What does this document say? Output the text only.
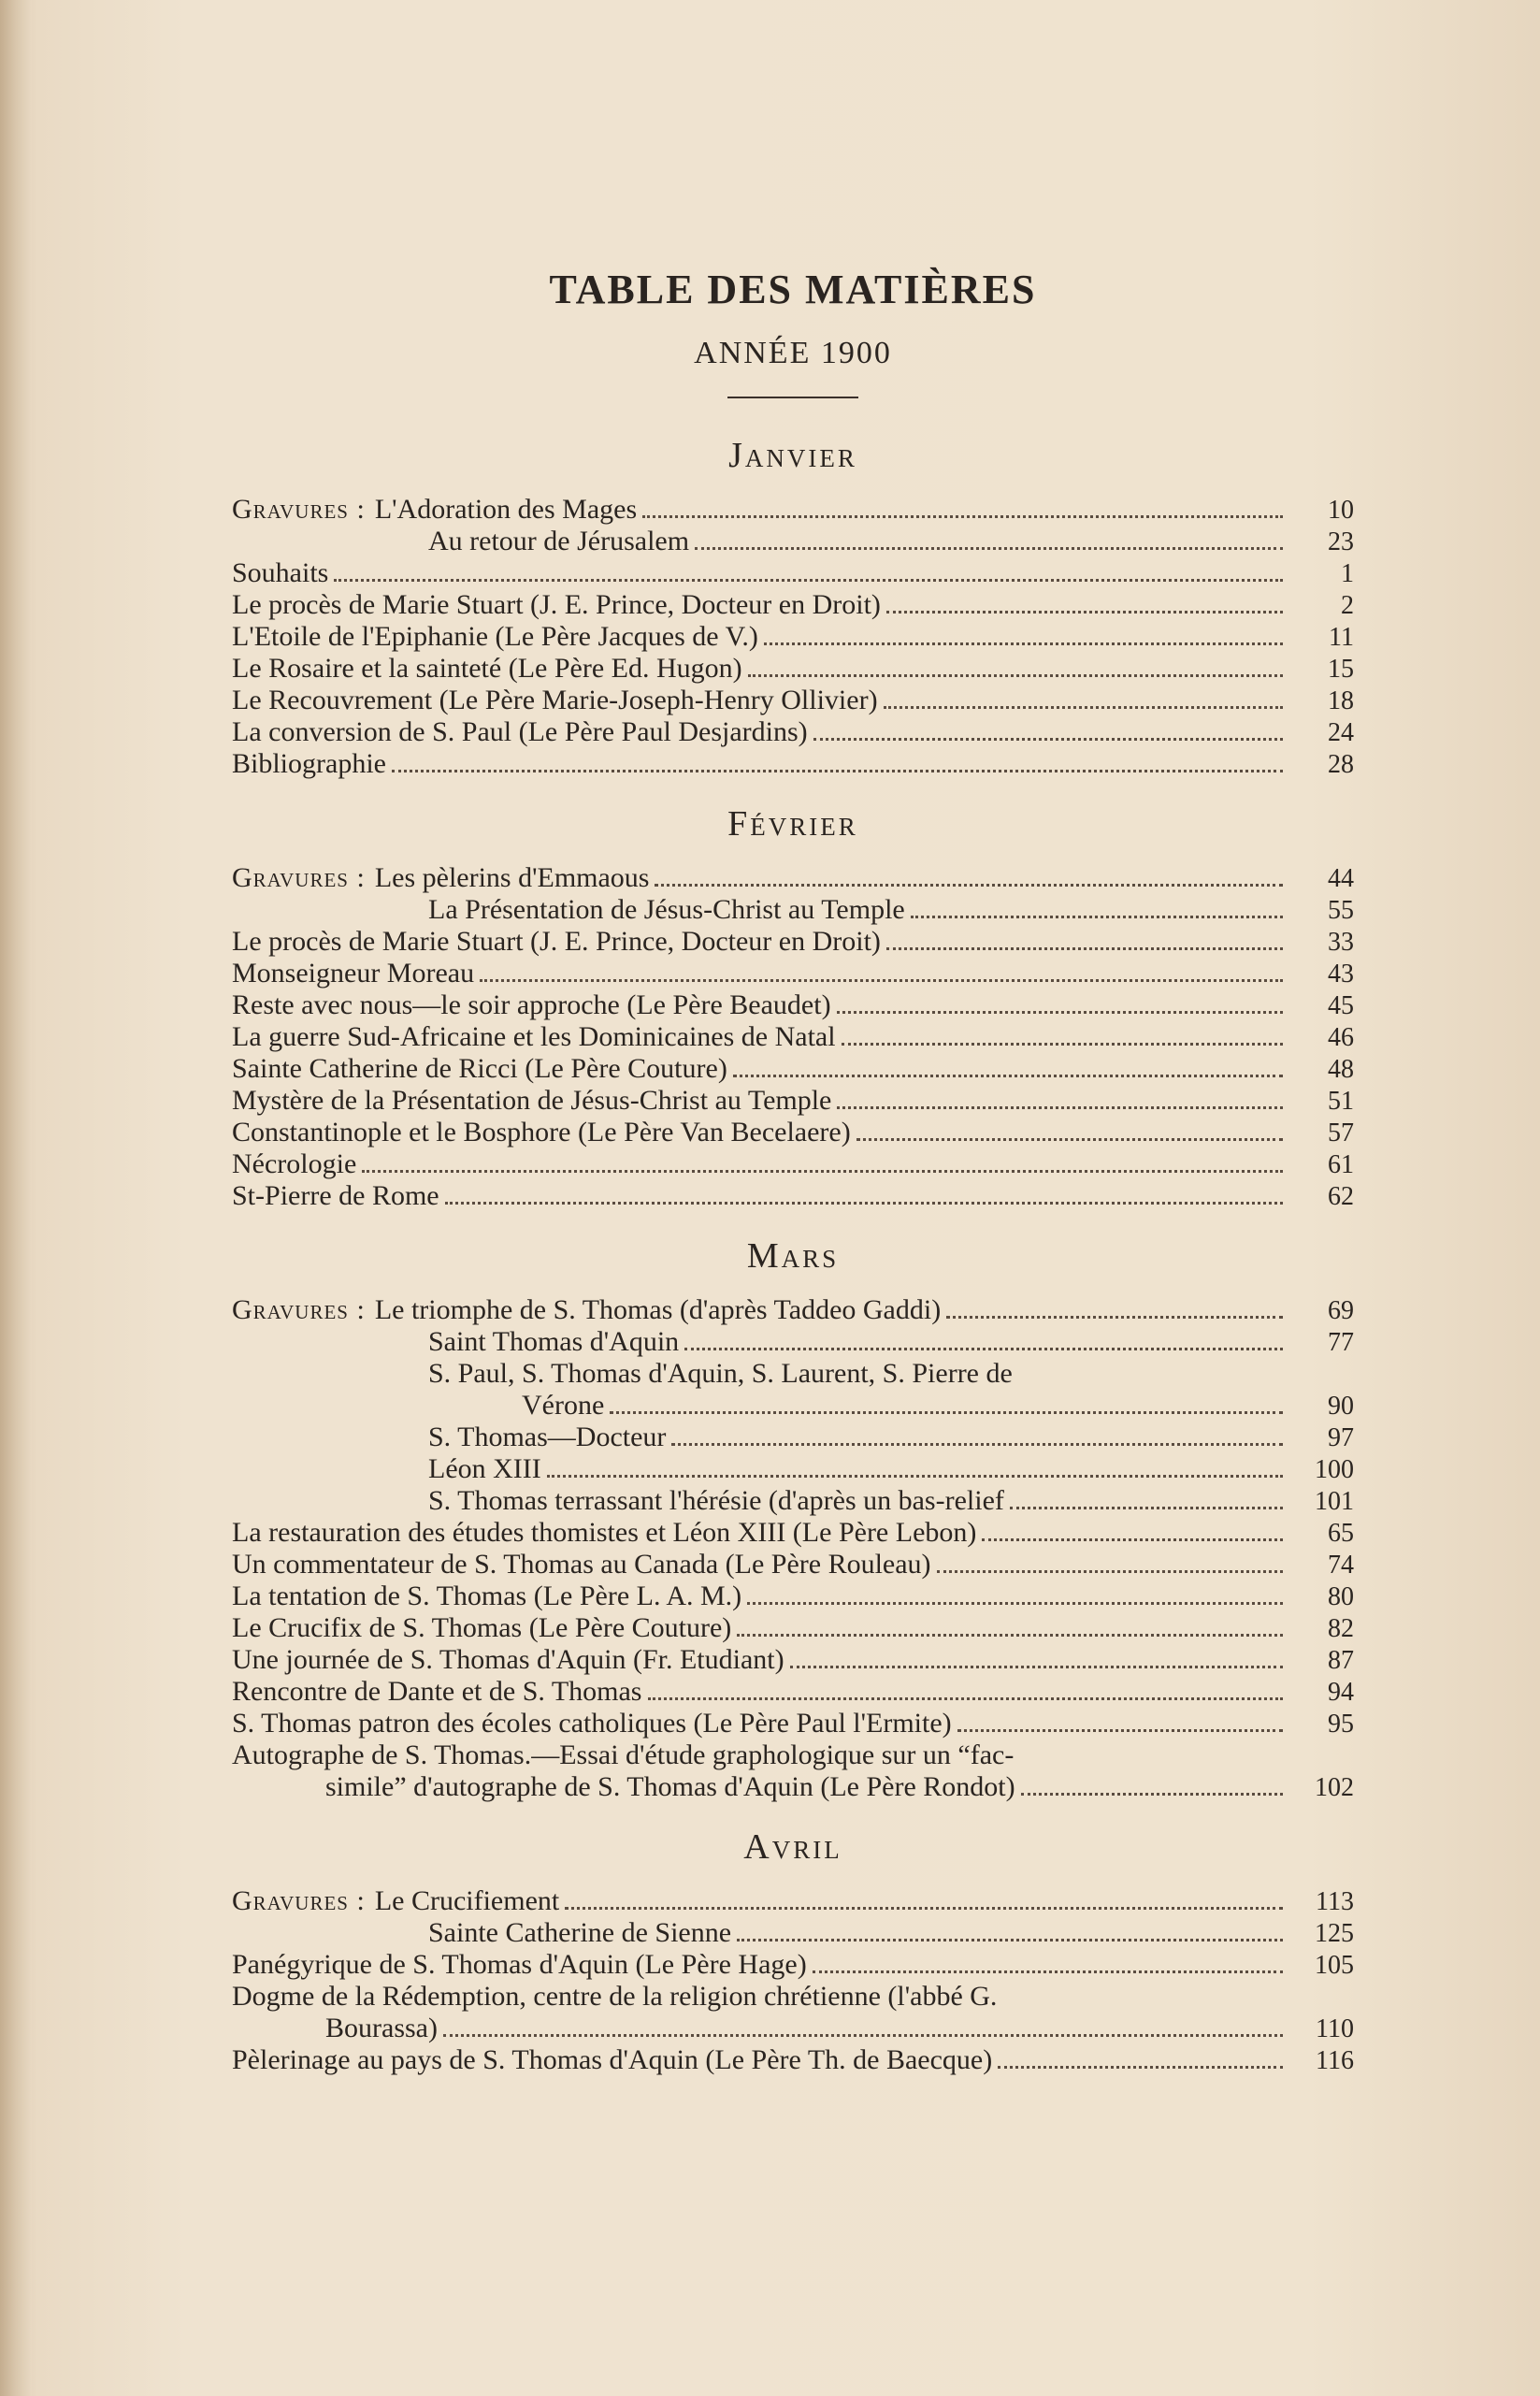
TABLE DES MATIÈRES
ANNÉE 1900
Janvier
Gravures : L'Adoration des Mages	10
Au retour de Jérusalem	23
Souhaits	1
Le procès de Marie Stuart (J. E. Prince, Docteur en Droit)	2
L'Etoile de l'Epiphanie (Le Père Jacques de V.)	11
Le Rosaire et la sainteté (Le Père Ed. Hugon)	15
Le Recouvrement (Le Père Marie-Joseph-Henry Ollivier)	18
La conversion de S. Paul (Le Père Paul Desjardins)	24
Bibliographie	28
Février
Gravures : Les pèlerins d'Emmaous	44
La Présentation de Jésus-Christ au Temple	55
Le procès de Marie Stuart (J. E. Prince, Docteur en Droit)	33
Monseigneur Moreau	43
Reste avec nous—le soir approche (Le Père Beaudet)	45
La guerre Sud-Africaine et les Dominicaines de Natal	46
Sainte Catherine de Ricci (Le Père Couture)	48
Mystère de la Présentation de Jésus-Christ au Temple	51
Constantinople et le Bosphore (Le Père Van Becelaere)	57
Nécrologie	61
St-Pierre de Rome	62
Mars
Gravures : Le triomphe de S. Thomas (d'après Taddeo Gaddi)	69
Saint Thomas d'Aquin	77
S. Paul, S. Thomas d'Aquin, S. Laurent, S. Pierre de
Vérone	90
S. Thomas—Docteur	97
Léon XIII	100
S. Thomas terrassant l'hérésie (d'après un bas-relief	101
La restauration des études thomistes et Léon XIII (Le Père Lebon)	65
Un commentateur de S. Thomas au Canada (Le Père Rouleau)	74
La tentation de S. Thomas (Le Père L. A. M.)	80
Le Crucifix de S. Thomas (Le Père Couture)	82
Une journée de S. Thomas d'Aquin (Fr. Etudiant)	87
Rencontre de Dante et de S. Thomas	94
S. Thomas patron des écoles catholiques (Le Père Paul l'Ermite)	95
Autographe de S. Thomas.—Essai d'étude graphologique sur un “fac-
simile” d'autographe de S. Thomas d'Aquin (Le Père Rondot)	102
Avril
Gravures : Le Crucifiement	113
Sainte Catherine de Sienne	125
Panégyrique de S. Thomas d'Aquin (Le Père Hage)	105
Dogme de la Rédemption, centre de la religion chrétienne (l'abbé G.
Bourassa)	110
Pèlerinage au pays de S. Thomas d'Aquin (Le Père Th. de Baecque)	116
